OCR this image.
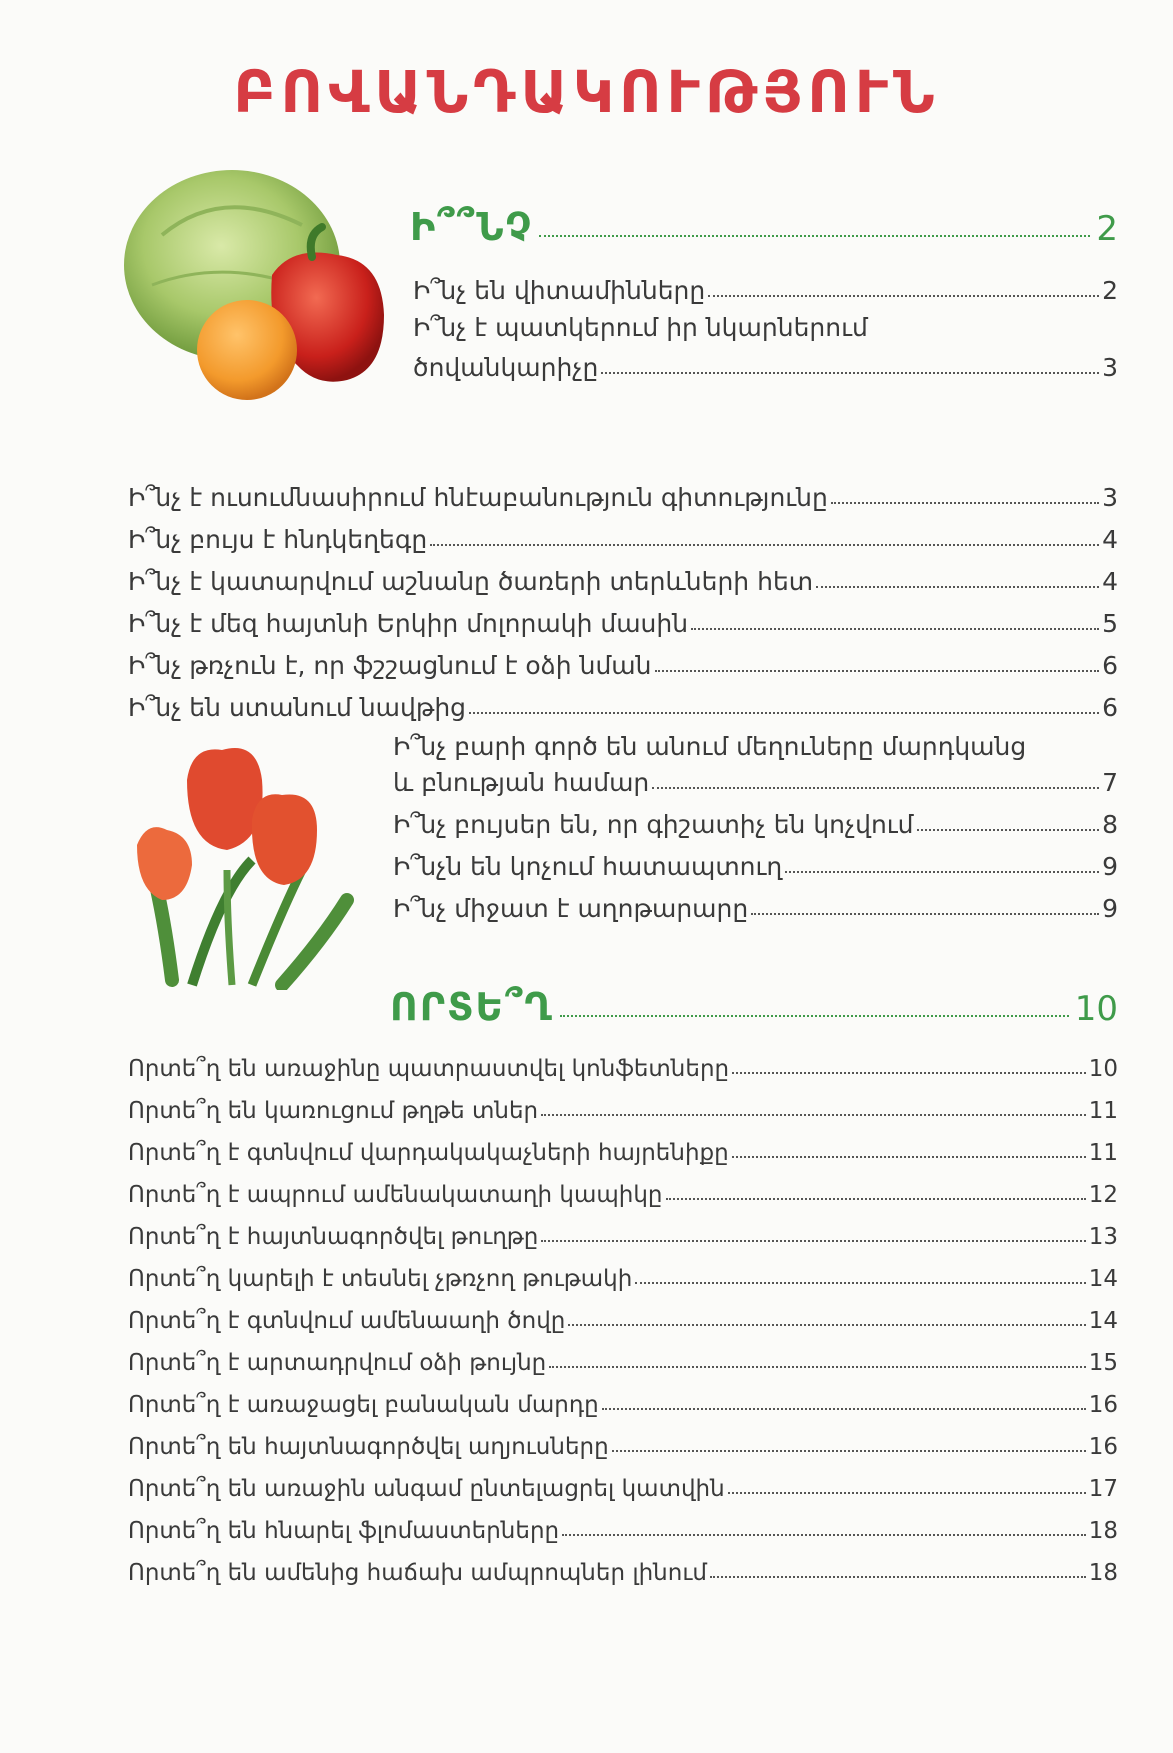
ԲՈՎԱՆԴԱԿՈՒԹՅՈՒՆ
Ի՞՞ՆՉ	2
Ի՞նչ են վիտամինները	2
Ի՞նչ է պատկերում իր նկարներում
ծովանկարիչը	3
Ի՞նչ է ուսումնասիրում հնէաբանություն գիտությունը	3
Ի՞նչ բույս է հնդկեղեգը	4
Ի՞նչ է կատարվում աշնանը ծառերի տերևների հետ	4
Ի՞նչ է մեզ հայտնի Երկիր մոլորակի մասին	5
Ի՞նչ թռչուն է, որ ֆշշացնում է օձի նման	6
Ի՞նչ են ստանում նավթից	6
Ի՞նչ բարի գործ են անում մեղուները մարդկանց
և բնության համար	7
Ի՞նչ բույսեր են, որ գիշատիչ են կոչվում	8
Ի՞նչն են կոչում հատապտուղ	9
Ի՞նչ միջատ է աղոթարարը	9
ՈՐՏԵ՞Ղ	10
Որտե՞ղ են առաջինը պատրաստվել կոնֆետները	10
Որտե՞ղ են կառուցում թղթե տներ	11
Որտե՞ղ է գտնվում վարդակակաչների հայրենիքը	11
Որտե՞ղ է ապրում ամենակատաղի կապիկը	12
Որտե՞ղ է հայտնագործվել թուղթը	13
Որտե՞ղ կարելի է տեսնել չթռչող թութակի	14
Որտե՞ղ է գտնվում ամենաաղի ծովը	14
Որտե՞ղ է արտադրվում օձի թույնը	15
Որտե՞ղ է առաջացել բանական մարդը	16
Որտե՞ղ են հայտնագործվել աղյուսները	16
Որտե՞ղ են առաջին անգամ ընտելացրել կատվին	17
Որտե՞ղ են հնարել ֆլոմաստերները	18
Որտե՞ղ են ամենից հաճախ ամպրոպներ լինում	18
